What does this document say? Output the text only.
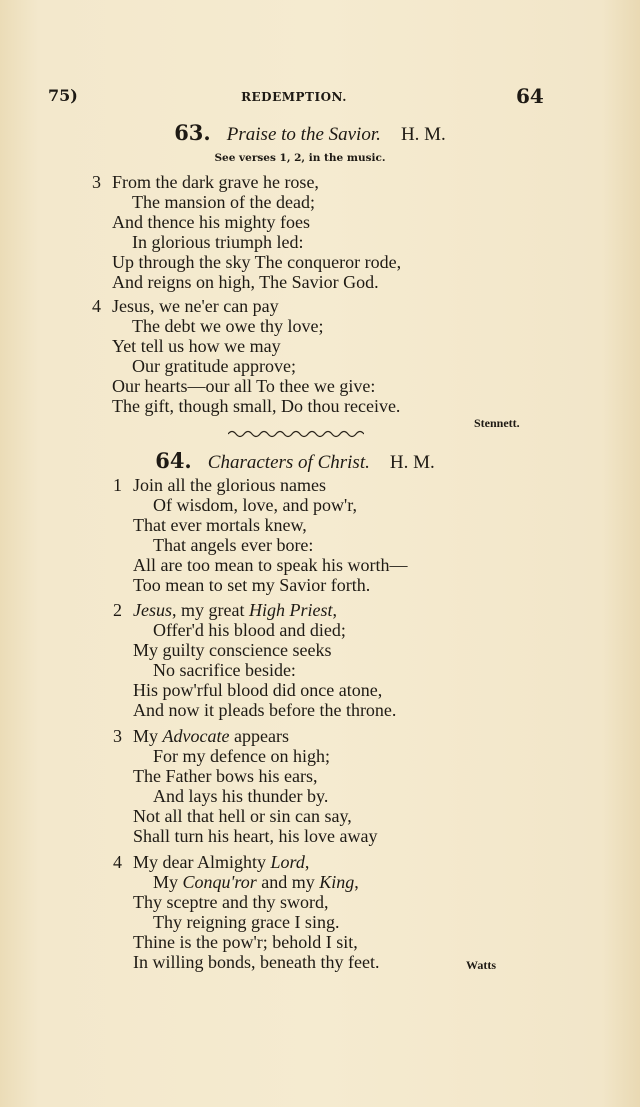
75)	REDEMPTION.	64
63. Praise to the Savior. H. M.
See verses 1, 2, in the music.
3 From the dark grave he rose,
The mansion of the dead;
And thence his mighty foes
In glorious triumph led:
Up through the sky The conqueror rode,
And reigns on high, The Savior God.
4 Jesus, we ne'er can pay
The debt we owe thy love;
Yet tell us how we may
Our gratitude approve;
Our hearts—our all To thee we give:
The gift, though small, Do thou receive.
Stennett.
64. Characters of Christ. H. M.
1 Join all the glorious names
Of wisdom, love, and pow'r,
That ever mortals knew,
That angels ever bore:
All are too mean to speak his worth—
Too mean to set my Savior forth.
2 Jesus, my great High Priest,
Offer'd his blood and died;
My guilty conscience seeks
No sacrifice beside:
His pow'rful blood did once atone,
And now it pleads before the throne.
3 My Advocate appears
For my defence on high;
The Father bows his ears,
And lays his thunder by.
Not all that hell or sin can say,
Shall turn his heart, his love away
4 My dear Almighty Lord,
My Conqu'ror and my King,
Thy sceptre and thy sword,
Thy reigning grace I sing.
Thine is the pow'r; behold I sit,
In willing bonds, beneath thy feet.	Watts
